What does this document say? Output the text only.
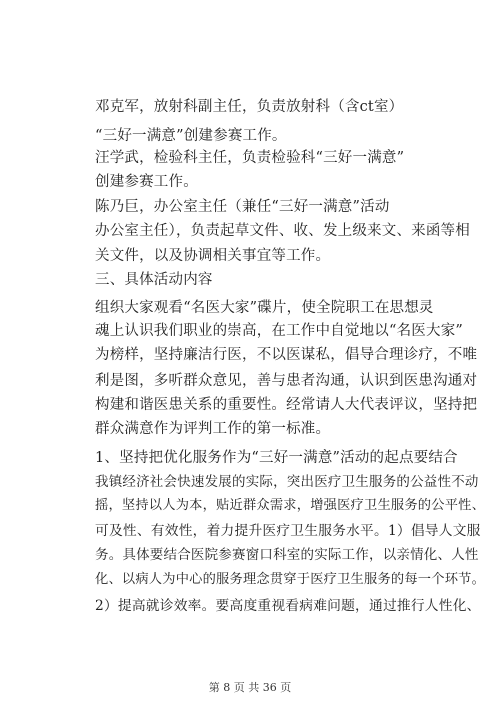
邓克军，放射科副主任，负责放射科（含ct室）
“三好一满意”创建参赛工作。
汪学武，检验科主任，负责检验科“三好一满意”
创建参赛工作。
陈乃巨，办公室主任（兼任“三好一满意”活动
办公室主任），负责起草文件、收、发上级来文、来函等相
关文件，以及协调相关事宜等工作。
三、具体活动内容
组织大家观看“名医大家”碟片，使全院职工在思想灵
魂上认识我们职业的崇高，在工作中自觉地以“名医大家”
为榜样，坚持廉洁行医，不以医谋私，倡导合理诊疗，不唯
利是图，多听群众意见，善与患者沟通，认识到医患沟通对
构建和谐医患关系的重要性。经常请人大代表评议，坚持把
群众满意作为评判工作的第一标准。
1、坚持把优化服务作为“三好一满意”活动的起点要结合
我镇经济社会快速发展的实际，突出医疗卫生服务的公益性不动
摇，坚持以人为本，贴近群众需求，增强医疗卫生服务的公平性、
可及性、有效性，着力提升医疗卫生服务水平。1）倡导人文服
务。具体要结合医院参赛窗口科室的实际工作，以亲情化、人性
化、以病人为中心的服务理念贯穿于医疗卫生服务的每一个环节。
2）提高就诊效率。要高度重视看病难问题，通过推行人性化、
第 8 页 共 36 页
